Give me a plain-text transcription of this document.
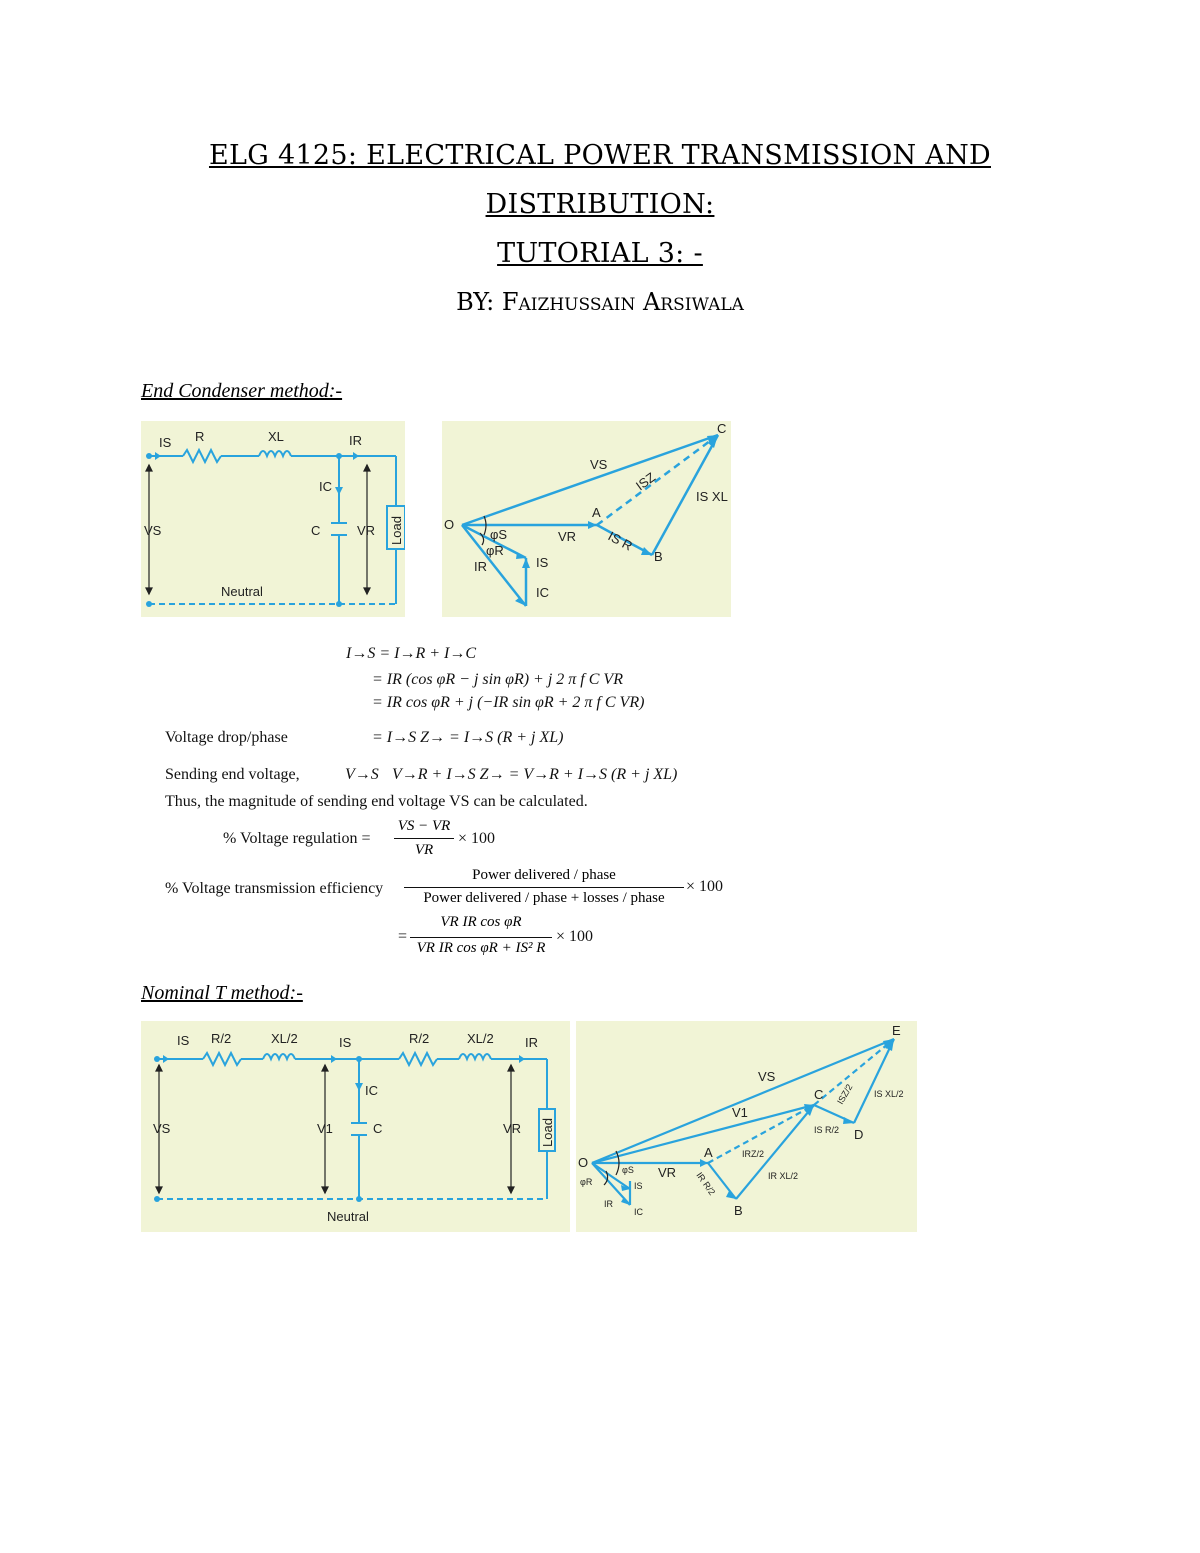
ELG 4125: ELECTRICAL POWER TRANSMISSION AND
DISTRIBUTION:
TUTORIAL 3: -
BY: Faizhussain Arsiwala
End Condenser method:-
IS R	XL	IR
IC
VS	C	VR Load
Neutral
O
A
B
C
VS
VR
ISZ
IS XL
IS R
φS
φR
IS
IR
IC
I→S = I→R + I→C
= IR (cos φR − j sin φR) + j 2 π f C VR
= IR cos φR + j (−IR sin φR + 2 π f C VR)
Voltage drop/phase	= I→S Z→ = I→S (R + j XL)
Sending end voltage,	V→S V→R + I→S Z→ = V→R + I→S (R + j XL)
Thus, the magnitude of sending end voltage VS can be calculated.
% Voltage regulation =
VS − VR
VR
× 100
% Voltage transmission efficiency
Power delivered / phase
Power delivered / phase + losses / phase
× 100
=
VR IR cos φR
VR IR cos φR + IS² R
× 100
Nominal T method:-
IS R/2	XL/2	IS	R/2	XL/2 IR
IC
VS	V1	C	VR Load
Neutral
O
A
B
C
D
E
VS
V1
VR
ISZ/2 IS XL/2
IS R/2
IRZ/2
IR XL/2
IR R/2
φS
φR	IS
IR
IC
